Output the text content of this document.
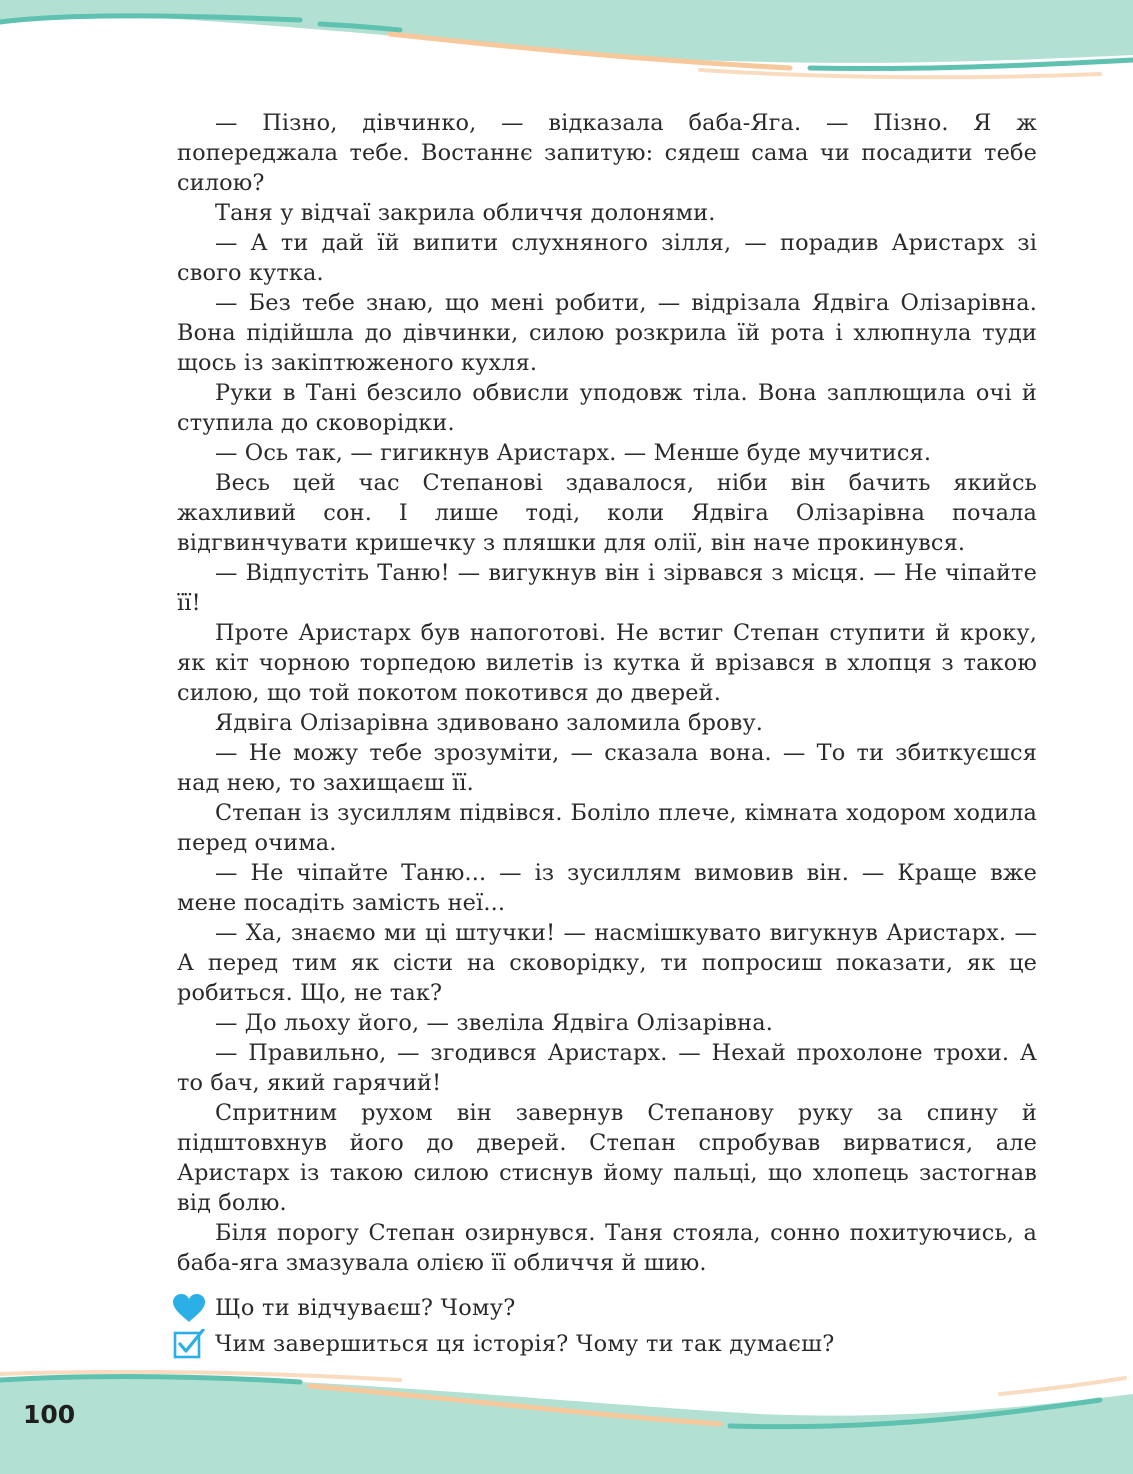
— Пізно, дівчинко, — відказала баба-Яга. — Пізно. Я ж попереджала тебе. Востаннє запитую: сядеш сама чи посадити тебе силою?

Таня у відчаї закрила обличчя долонями.

— А ти дай їй випити слухняного зілля, — порадив Аристарх зі свого кутка.

— Без тебе знаю, що мені робити, — відрізала Ядвіга Олізарівна. Вона підійшла до дівчинки, силою розкрила їй рота і хлюпнула туди щось із закіптюженого кухля.

Руки в Тані безсило обвисли уподовж тіла. Вона заплющила очі й ступила до сковорідки.

— Ось так, — гигикнув Аристарх. — Менше буде мучитися.

Весь цей час Степанові здавалося, ніби він бачить якийсь жахливий сон. І лише тоді, коли Ядвіга Олізарівна почала відгвинчувати кришечку з пляшки для олії, він наче прокинувся.

— Відпустіть Таню! — вигукнув він і зірвався з місця. — Не чіпайте її!

Проте Аристарх був напоготові. Не встиг Степан ступити й кроку, як кіт чорною торпедою вилетів із кутка й врізався в хлопця з такою силою, що той покотом покотився до дверей.

Ядвіга Олізарівна здивовано заломила брову.

— Не можу тебе зрозуміти, — сказала вона. — То ти збиткуєшся над нею, то захищаєш її.

Степан із зусиллям підвівся. Боліло плече, кімната ходором ходила перед очима.

— Не чіпайте Таню... — із зусиллям вимовив він. — Краще вже мене посадіть замість неї...

— Ха, знаємо ми ці штучки! — насмішкувато вигукнув Аристарх. — А перед тим як сісти на сковорідку, ти попросиш показати, як це робиться. Що, не так?

— До льоху його, — звеліла Ядвіга Олізарівна.

— Правильно, — згодився Аристарх. — Нехай прохолоне трохи. А то бач, який гарячий!

Спритним рухом він завернув Степанову руку за спину й підштовхнув його до дверей. Степан спробував вирватися, але Аристарх із такою силою стиснув йому пальці, що хлопець застогнав від болю.

Біля порогу Степан озирнувся. Таня стояла, сонно похитуючись, а баба-яга змазувала олією її обличчя й шию.

Що ти відчуваєш? Чому?
Чим завершиться ця історія? Чому ти так думаєш?
100
